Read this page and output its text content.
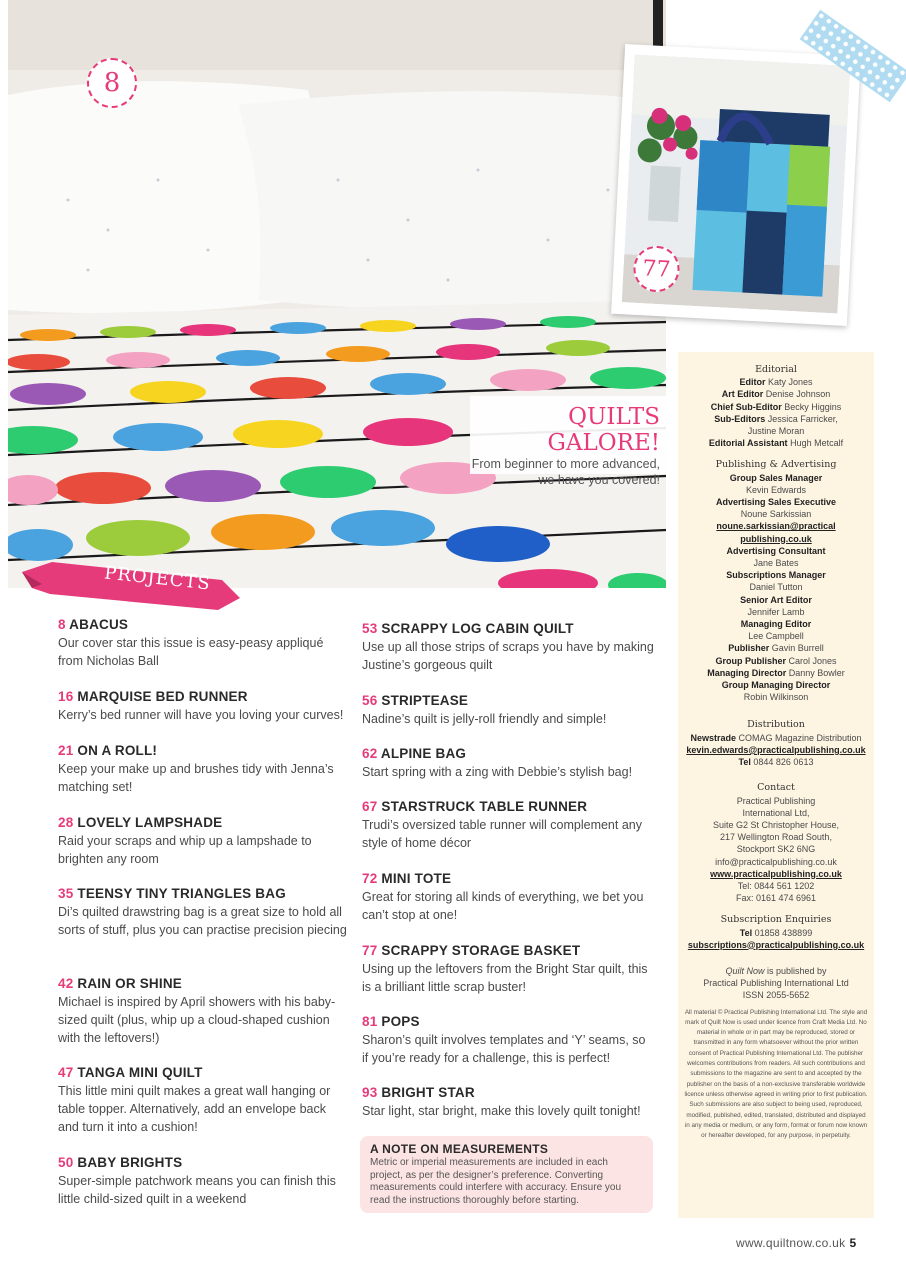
8
77
QUILTS GALORE!
From beginner to more advanced, we have you covered!
PROJECTS

8 ABACUS

Our cover star this issue is easy-peasy appliqué from Nicholas Ball

16 MARQUISE BED RUNNER

Kerry’s bed runner will have you loving your curves!

21 ON A ROLL!

Keep your make up and brushes tidy with Jenna’s matching set!

28 LOVELY LAMPSHADE

Raid your scraps and whip up a lampshade to brighten any room

35 TEENSY TINY TRIANGLES BAG

Di’s quilted drawstring bag is a great size to hold all sorts of stuff, plus you can practise precision piecing

42 RAIN OR SHINE

Michael is inspired by April showers with his baby-sized quilt (plus, whip up a cloud-shaped cushion with the leftovers!)

47 TANGA MINI QUILT

This little mini quilt makes a great wall hanging or table topper. Alternatively, add an envelope back and turn it into a cushion!

50 BABY BRIGHTS

Super-simple patchwork means you can finish this little child-sized quilt in a weekend

53 SCRAPPY LOG CABIN QUILT

Use up all those strips of scraps you have by making Justine’s gorgeous quilt

56 STRIPTEASE

Nadine’s quilt is jelly-roll friendly and simple!

62 ALPINE BAG

Start spring with a zing with Debbie’s stylish bag!

67 STARSTRUCK TABLE RUNNER

Trudi’s oversized table runner will complement any style of home décor

72 MINI TOTE

Great for storing all kinds of everything, we bet you can’t stop at one!

77 SCRAPPY STORAGE BASKET

Using up the leftovers from the Bright Star quilt, this is a brilliant little scrap buster!

81 POPS

Sharon’s quilt involves templates and ‘Y’ seams, so if you’re ready for a challenge, this is perfect!

93 BRIGHT STAR

Star light, star bright, make this lovely quilt tonight!

A NOTE ON MEASUREMENTS
Metric or imperial measurements are included in each project, as per the designer’s preference. Converting measurements could interfere with accuracy. Ensure you read the instructions thoroughly before starting.
Editorial

Editor Katy Jones

Art Editor Denise Johnson

Chief Sub-Editor Becky Higgins

Sub-Editors Jessica Farricker,

Justine Moran

Editorial Assistant Hugh Metcalf

Publishing & Advertising

Group Sales Manager

Kevin Edwards

Advertising Sales Executive

Noune Sarkissian

noune.sarkissian@practical

publishing.co.uk

Advertising Consultant

Jane Bates

Subscriptions Manager

Daniel Tutton

Senior Art Editor

Jennifer Lamb

Managing Editor

Lee Campbell

Publisher Gavin Burrell

Group Publisher Carol Jones

Managing Director Danny Bowler

Group Managing Director

Robin Wilkinson

Distribution

Newstrade COMAG Magazine Distribution

kevin.edwards@practicalpublishing.co.uk

Tel 0844 826 0613

Contact

Practical Publishing

International Ltd,

Suite G2 St Christopher House,

217 Wellington Road South,

Stockport SK2 6NG

info@practicalpublishing.co.uk

www.practicalpublishing.co.uk

Tel: 0844 561 1202

Fax: 0161 474 6961

Subscription Enquiries

Tel 01858 438899

subscriptions@practicalpublishing.co.uk

Quilt Now is published by

Practical Publishing International Ltd

ISSN 2055-5652

All material © Practical Publishing International Ltd. The style and mark of Quilt Now is used under licence from Craft Media Ltd. No material in whole or in part may be reproduced, stored or transmitted in any form whatsoever without the prior written consent of Practical Publishing International Ltd. The publisher welcomes contributions from readers. All such contributions and submissions to the magazine are sent to and accepted by the publisher on the basis of a non-exclusive transferable worldwide licence unless otherwise agreed in writing prior to first publication. Such submissions are also subject to being used, reproduced, modified, published, edited, translated, distributed and displayed in any media or medium, or any form, format or forum now known or hereafter developed, for any purpose, in perpetuity.
www.quiltnow.co.uk 5
